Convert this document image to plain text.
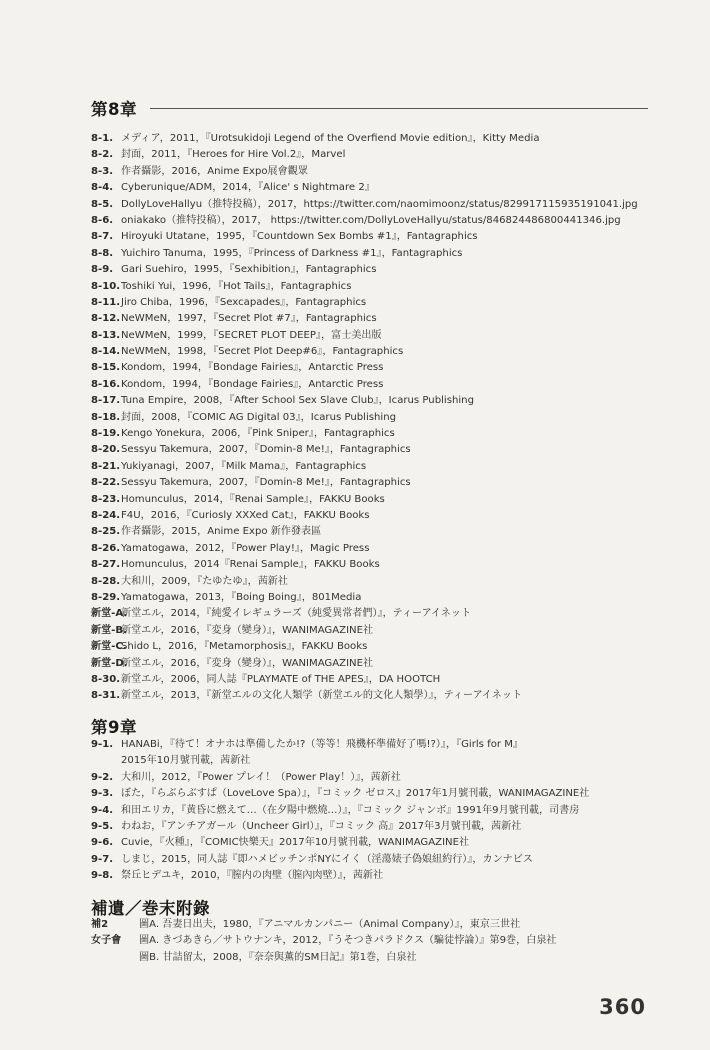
第8章
8-1. メディア，2011，『Urotsukidoji Legend of the Overfiend Movie edition』，Kitty Media
8-2. 封面，2011，『Heroes for Hire Vol.2』，Marvel
8-3. 作者攝影，2016，Anime Expo展會觀眾
8-4. Cyberunique/ADM，2014，『Alice' s Nightmare 2』
8-5. DollyLoveHallyu（推特投稿），2017，https://twitter.com/naomimoonz/status/829917115935191041.jpg
8-6. oniakako（推特投稿），2017， https://twitter.com/DollyLoveHallyu/status/846824486800441346.jpg
8-7. Hiroyuki Utatane，1995，『Countdown Sex Bombs #1』，Fantagraphics
8-8. Yuichiro Tanuma，1995，『Princess of Darkness #1』，Fantagraphics
8-9. Gari Suehiro，1995，『Sexhibition』，Fantagraphics
8-10. Toshiki Yui，1996，『Hot Tails』，Fantagraphics
8-11. Jiro Chiba，1996，『Sexcapades』，Fantagraphics
8-12. NeWMeN，1997，『Secret Plot #7』，Fantagraphics
8-13. NeWMeN，1999，『SECRET PLOT DEEP』，富士美出版
8-14. NeWMeN，1998，『Secret Plot Deep#6』，Fantagraphics
8-15. Kondom，1994，『Bondage Fairies』，Antarctic Press
8-16. Kondom，1994，『Bondage Fairies』，Antarctic Press
8-17. Tuna Empire，2008，『After School Sex Slave Club』，Icarus Publishing
8-18. 封面，2008，『COMIC AG Digital 03』，Icarus Publishing
8-19. Kengo Yonekura，2006，『Pink Sniper』，Fantagraphics
8-20. Sessyu Takemura，2007，『Domin-8 Me!』，Fantagraphics
8-21. Yukiyanagi，2007，『Milk Mama』，Fantagraphics
8-22. Sessyu Takemura，2007，『Domin-8 Me!』，Fantagraphics
8-23. Homunculus，2014，『Renai Sample』，FAKKU Books
8-24. F4U，2016，『Curiosly XXXed Cat』，FAKKU Books
8-25. 作者攝影，2015，Anime Expo 新作發表區
8-26. Yamatogawa，2012，『Power Play!』，Magic Press
8-27. Homunculus，2014『Renai Sample』，FAKKU Books
8-28. 大和川，2009，『たゆたゆ』，茜新社
8-29. Yamatogawa，2013，『Boing Boing』，801Media
新堂-A.
新堂エル，2014，『純愛イレギュラーズ（純愛異常者們）』，ティーアイネット
新堂-B.
新堂エル，2016，『変身（變身）』，WANIMAGAZINE社
新堂-C.
Shido L，2016，『Metamorphosis』，FAKKU Books
新堂-D.
新堂エル，2016，『変身（變身）』，WANIMAGAZINE社
8-30. 新堂エル，2006，同人誌『PLAYMATE of THE APES』，DA HOOTCH
8-31. 新堂エル，2013，『新堂エルの文化人類学（新堂エル的文化人類學）』，ティーアイネット
第9章
9-1. HANABi，『待て！オナホは準備したか!?（等等！飛機杯準備好了嗎!?）』，『Girls for M』
2015年10月號刊載，茜新社
9-2. 大和川，2012，『Power プレイ！（Power Play！）』，茜新社
9-3. ぼた，『らぶらぶすぱ（LoveLove Spa）』，『コミック ゼロス』2017年1月號刊載，WANIMAGAZINE社
9-4. 和田エリカ，『黄昏に燃えて…（在夕陽中燃燒…）』，『コミック ジャンボ』1991年9月號刊載，司書房
9-5. わねお，『アンチアガール（Uncheer Girl）』，『コミック 高』2017年3月號刊載，茜新社
9-6. Cuvie，『火種』，『COMIC快樂天』2017年10月號刊載，WANIMAGAZINE社
9-7. しまじ，2015，同人誌『即ハメビッチンポNYにイく（淫蕩婊子偽娘紐約行）』，カンナビス
9-8. 祭丘ヒデユキ，2010，『膣内の肉壁（膣內肉壁）』，茜新社
補遺／巻末附錄
補2	圖A. 吾妻日出夫，1980，『アニマルカンパニー（Animal Company）』，東京三世社
女子會	圖A. きづあきら／サトウナンキ，2012，『うそつきパラドクス（騙徒悖論）』第9巻，白泉社
圖B. 甘詰留太，2008，『奈奈與薫的SM日記』第1巻，白泉社
360
